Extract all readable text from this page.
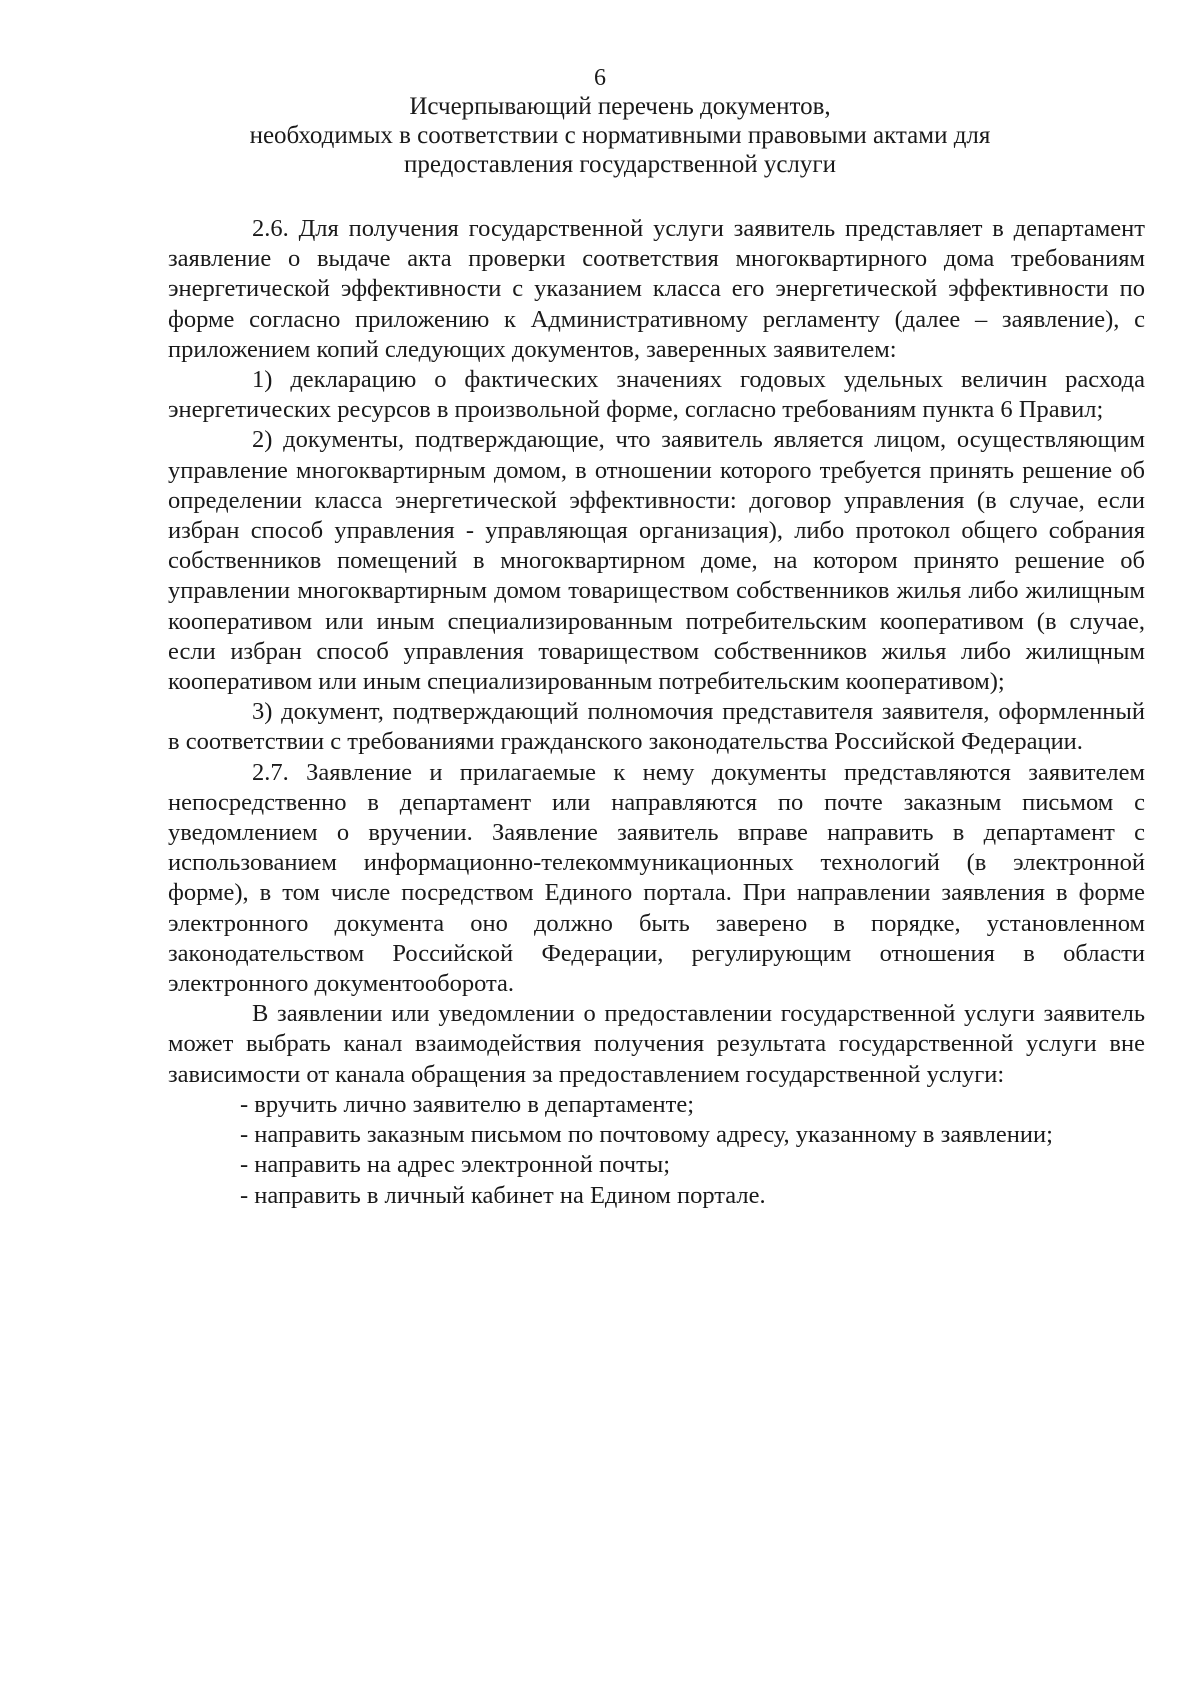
6
Исчерпывающий перечень документов,
необходимых в соответствии с нормативными правовыми актами для
предоставления государственной услуги

2.6. Для получения государственной услуги заявитель представляет в департамент заявление о выдаче акта проверки соответствия многоквартирного дома требованиям энергетической эффективности с указанием класса его энергетической эффективности по форме согласно приложению к Административному регламенту (далее – заявление), с приложением копий следующих документов, заверенных заявителем:

1) декларацию о фактических значениях годовых удельных величин расхода энергетических ресурсов в произвольной форме, согласно требованиям пункта 6 Правил;

2) документы, подтверждающие, что заявитель является лицом, осуществляющим управление многоквартирным домом, в отношении которого требуется принять решение об определении класса энергетической эффективности: договор управления (в случае, если избран способ управления - управляющая организация), либо протокол общего собрания собственников помещений в многоквартирном доме, на котором принято решение об управлении многоквартирным домом товариществом собственников жилья либо жилищным кооперативом или иным специализированным потребительским кооперативом (в случае, если избран способ управления товариществом собственников жилья либо жилищным кооперативом или иным специализированным потребительским кооперативом);

3) документ, подтверждающий полномочия представителя заявителя, оформленный в соответствии с требованиями гражданского законодательства Российской Федерации.

2.7. Заявление и прилагаемые к нему документы представляются заявителем непосредственно в департамент или направляются по почте заказным письмом с уведомлением о вручении. Заявление заявитель вправе направить в департамент с использованием информационно-телекоммуникационных технологий (в электронной форме), в том числе посредством Единого портала. При направлении заявления в форме электронного документа оно должно быть заверено в порядке, установленном законодательством Российской Федерации, регулирующим отношения в области электронного документооборота.

В заявлении или уведомлении о предоставлении государственной услуги заявитель может выбрать канал взаимодействия получения результата государственной услуги вне зависимости от канала обращения за предоставлением государственной услуги:

- вручить лично заявителю в департаменте;

- направить заказным письмом по почтовому адресу, указанному в заявлении;

- направить на адрес электронной почты;

- направить в личный кабинет на Едином портале.
